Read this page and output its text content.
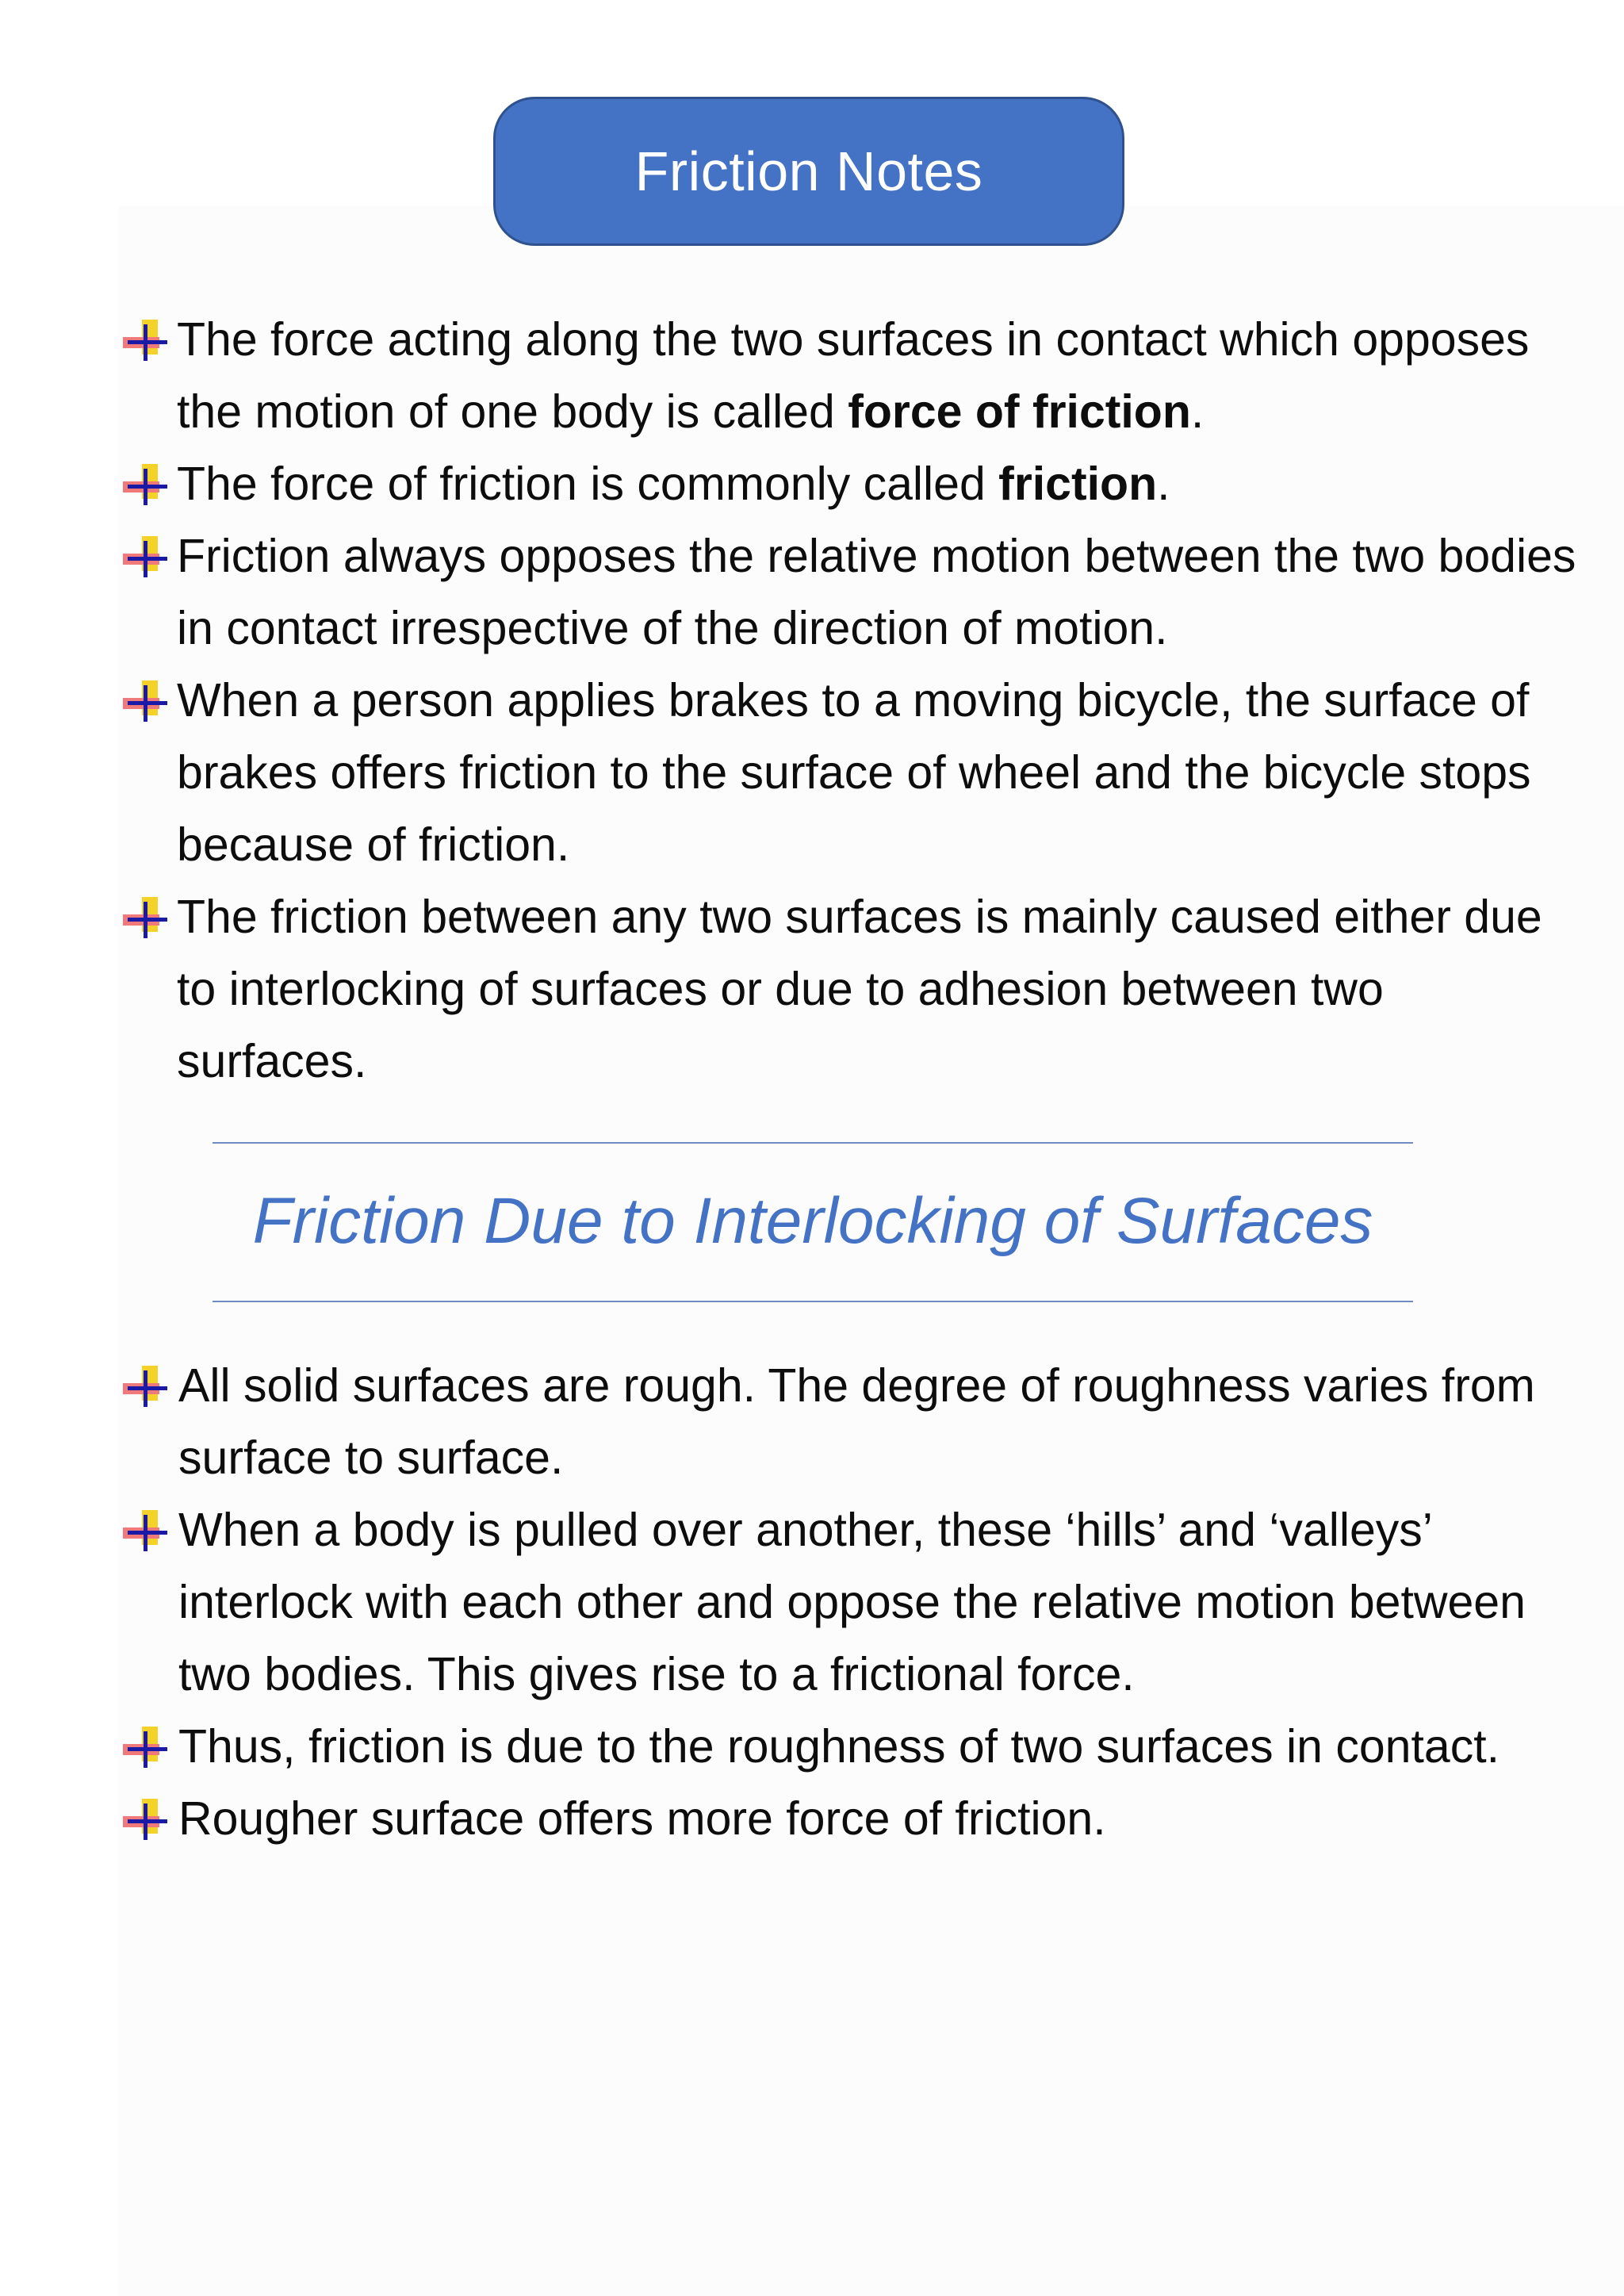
Friction Notes
The force acting along the two surfaces in contact which opposes the motion of one body is called force of friction.
The force of friction is commonly called friction.
Friction always opposes the relative motion between the two bodies in contact irrespective of the direction of motion.
When a person applies brakes to a moving bicycle, the surface of brakes offers friction to the surface of wheel and the bicycle stops because of friction.
The friction between any two surfaces is mainly caused either due to interlocking of surfaces or due to adhesion between two surfaces.
Friction Due to Interlocking of Surfaces
All solid surfaces are rough. The degree of roughness varies from surface to surface.
When a body is pulled over another, these ‘hills’ and ‘valleys’ interlock with each other and oppose the relative motion between two bodies. This gives rise to a frictional force.
Thus, friction is due to the roughness of two surfaces in contact.
Rougher surface offers more force of friction.
